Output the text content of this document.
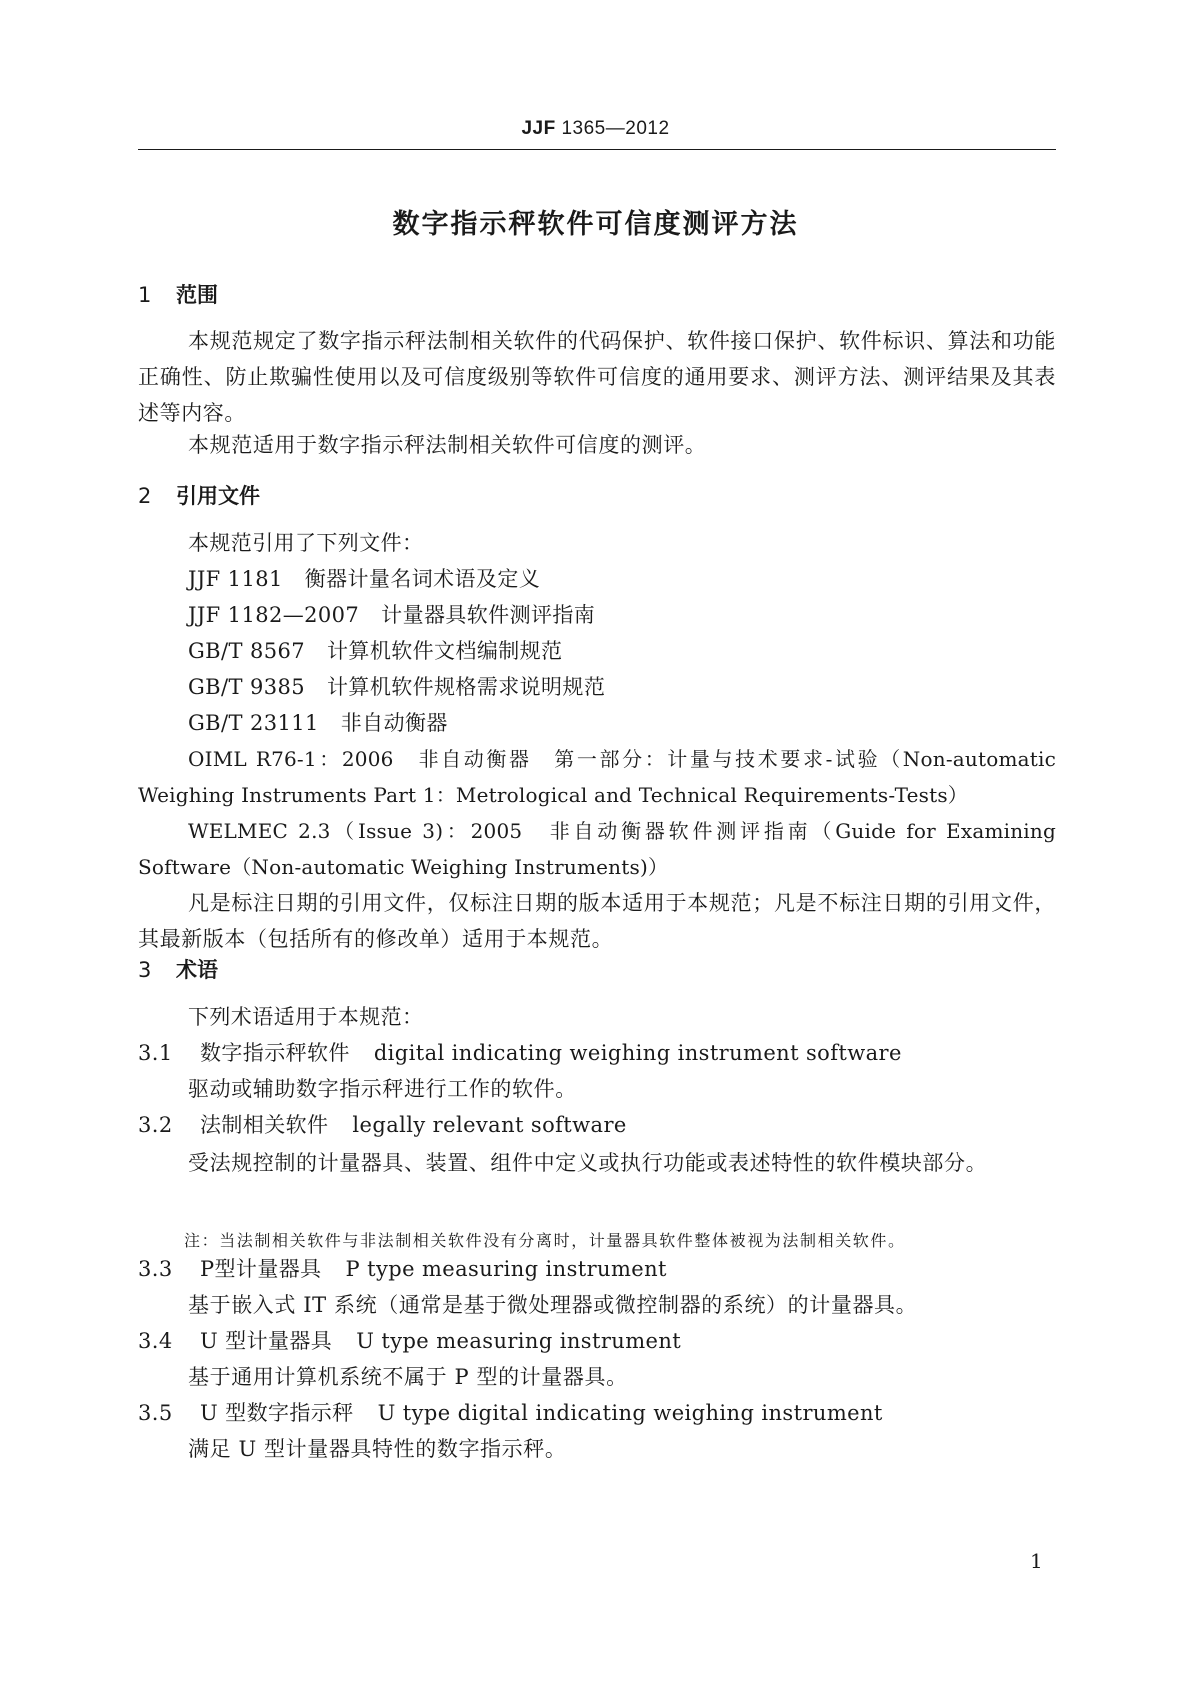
JJF 1365—2012
数字指示秤软件可信度测评方法
1 范围
本规范规定了数字指示秤法制相关软件的代码保护、软件接口保护、软件标识、算法和功能正确性、防止欺骗性使用以及可信度级别等软件可信度的通用要求、测评方法、测评结果及其表述等内容。
本规范适用于数字指示秤法制相关软件可信度的测评。
2 引用文件
本规范引用了下列文件：
JJF 1181 衡器计量名词术语及定义
JJF 1182—2007 计量器具软件测评指南
GB/T 8567 计算机软件文档编制规范
GB/T 9385 计算机软件规格需求说明规范
GB/T 23111 非自动衡器
OIML R76-1：2006　非自动衡器　第一部分：计量与技术要求-试验（Non-automatic Weighing Instruments Part 1：Metrological and Technical Requirements-Tests）
WELMEC 2.3（Issue 3)：2005　非自动衡器软件测评指南（Guide for Examining Software（Non-automatic Weighing Instruments)）
凡是标注日期的引用文件，仅标注日期的版本适用于本规范；凡是不标注日期的引用文件，其最新版本（包括所有的修改单）适用于本规范。
3 术语
下列术语适用于本规范：
3.1 数字指示秤软件 digital indicating weighing instrument software
驱动或辅助数字指示秤进行工作的软件。
3.2 法制相关软件 legally relevant software
受法规控制的计量器具、装置、组件中定义或执行功能或表述特性的软件模块部分。
注：当法制相关软件与非法制相关软件没有分离时，计量器具软件整体被视为法制相关软件。
3.3 P型计量器具 P type measuring instrument
基于嵌入式 IT 系统（通常是基于微处理器或微控制器的系统）的计量器具。
3.4 U 型计量器具 U type measuring instrument
基于通用计算机系统不属于 P 型的计量器具。
3.5 U 型数字指示秤 U type digital indicating weighing instrument
满足 U 型计量器具特性的数字指示秤。
1
